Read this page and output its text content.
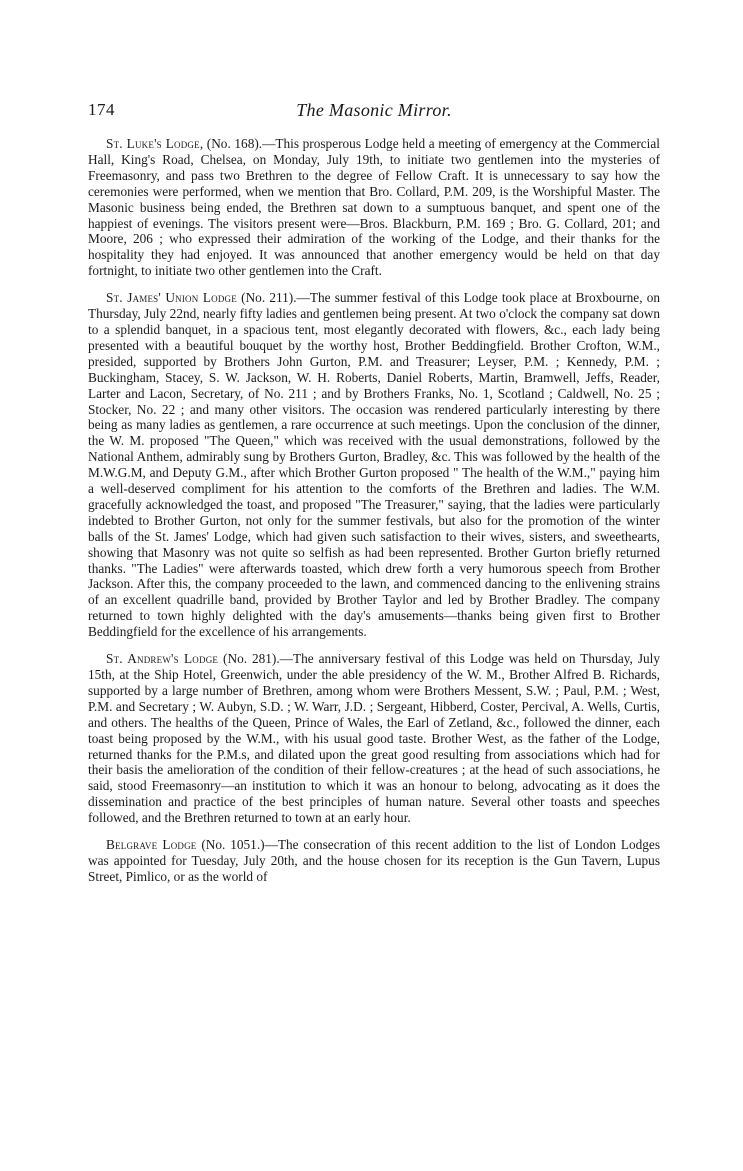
174	The Masonic Mirror.

St. Luke's Lodge, (No. 168).—This prosperous Lodge held a meeting of emergency at the Commercial Hall, King's Road, Chelsea, on Monday, July 19th, to initiate two gentlemen into the mysteries of Freemasonry, and pass two Brethren to the degree of Fellow Craft. It is unnecessary to say how the ceremonies were performed, when we mention that Bro. Collard, P.M. 209, is the Worshipful Master. The Masonic business being ended, the Brethren sat down to a sumptuous banquet, and spent one of the happiest of evenings. The visitors present were—Bros. Blackburn, P.M. 169 ; Bro. G. Collard, 201; and Moore, 206 ; who expressed their admiration of the working of the Lodge, and their thanks for the hospitality they had enjoyed. It was announced that another emergency would be held on that day fortnight, to initiate two other gentlemen into the Craft.

St. James' Union Lodge (No. 211).—The summer festival of this Lodge took place at Broxbourne, on Thursday, July 22nd, nearly fifty ladies and gentlemen being present. At two o'clock the company sat down to a splendid banquet, in a spacious tent, most elegantly decorated with flowers, &c., each lady being presented with a beautiful bouquet by the worthy host, Brother Beddingfield. Brother Crofton, W.M., presided, supported by Brothers John Gurton, P.M. and Treasurer; Leyser, P.M. ; Kennedy, P.M. ; Buckingham, Stacey, S. W. Jackson, W. H. Roberts, Daniel Roberts, Martin, Bramwell, Jeffs, Reader, Larter and Lacon, Secretary, of No. 211 ; and by Brothers Franks, No. 1, Scotland ; Caldwell, No. 25 ; Stocker, No. 22 ; and many other visitors. The occasion was rendered particularly interesting by there being as many ladies as gentlemen, a rare occurrence at such meetings. Upon the conclusion of the dinner, the W. M. proposed "The Queen," which was received with the usual demonstrations, followed by the National Anthem, admirably sung by Brothers Gurton, Bradley, &c. This was followed by the health of the M.W.G.M, and Deputy G.M., after which Brother Gurton proposed " The health of the W.M.," paying him a well-deserved compliment for his attention to the comforts of the Brethren and ladies. The W.M. gracefully acknowledged the toast, and proposed "The Treasurer," saying, that the ladies were particularly indebted to Brother Gurton, not only for the summer festivals, but also for the promotion of the winter balls of the St. James' Lodge, which had given such satisfaction to their wives, sisters, and sweethearts, showing that Masonry was not quite so selfish as had been represented. Brother Gurton briefly returned thanks. "The Ladies" were afterwards toasted, which drew forth a very humorous speech from Brother Jackson. After this, the company proceeded to the lawn, and commenced dancing to the enlivening strains of an excellent quadrille band, provided by Brother Taylor and led by Brother Bradley. The company returned to town highly delighted with the day's amusements—thanks being given first to Brother Beddingfield for the excellence of his arrangements.

St. Andrew's Lodge (No. 281).—The anniversary festival of this Lodge was held on Thursday, July 15th, at the Ship Hotel, Greenwich, under the able presidency of the W. M., Brother Alfred B. Richards, supported by a large number of Brethren, among whom were Brothers Messent, S.W. ; Paul, P.M. ; West, P.M. and Secretary ; W. Aubyn, S.D. ; W. Warr, J.D. ; Sergeant, Hibberd, Coster, Percival, A. Wells, Curtis, and others. The healths of the Queen, Prince of Wales, the Earl of Zetland, &c., followed the dinner, each toast being proposed by the W.M., with his usual good taste. Brother West, as the father of the Lodge, returned thanks for the P.M.s, and dilated upon the great good resulting from associations which had for their basis the amelioration of the condition of their fellow-creatures ; at the head of such associations, he said, stood Freemasonry—an institution to which it was an honour to belong, advocating as it does the dissemination and practice of the best principles of human nature. Several other toasts and speeches followed, and the Brethren returned to town at an early hour.

Belgrave Lodge (No. 1051.)—The consecration of this recent addition to the list of London Lodges was appointed for Tuesday, July 20th, and the house chosen for its reception is the Gun Tavern, Lupus Street, Pimlico, or as the world of
